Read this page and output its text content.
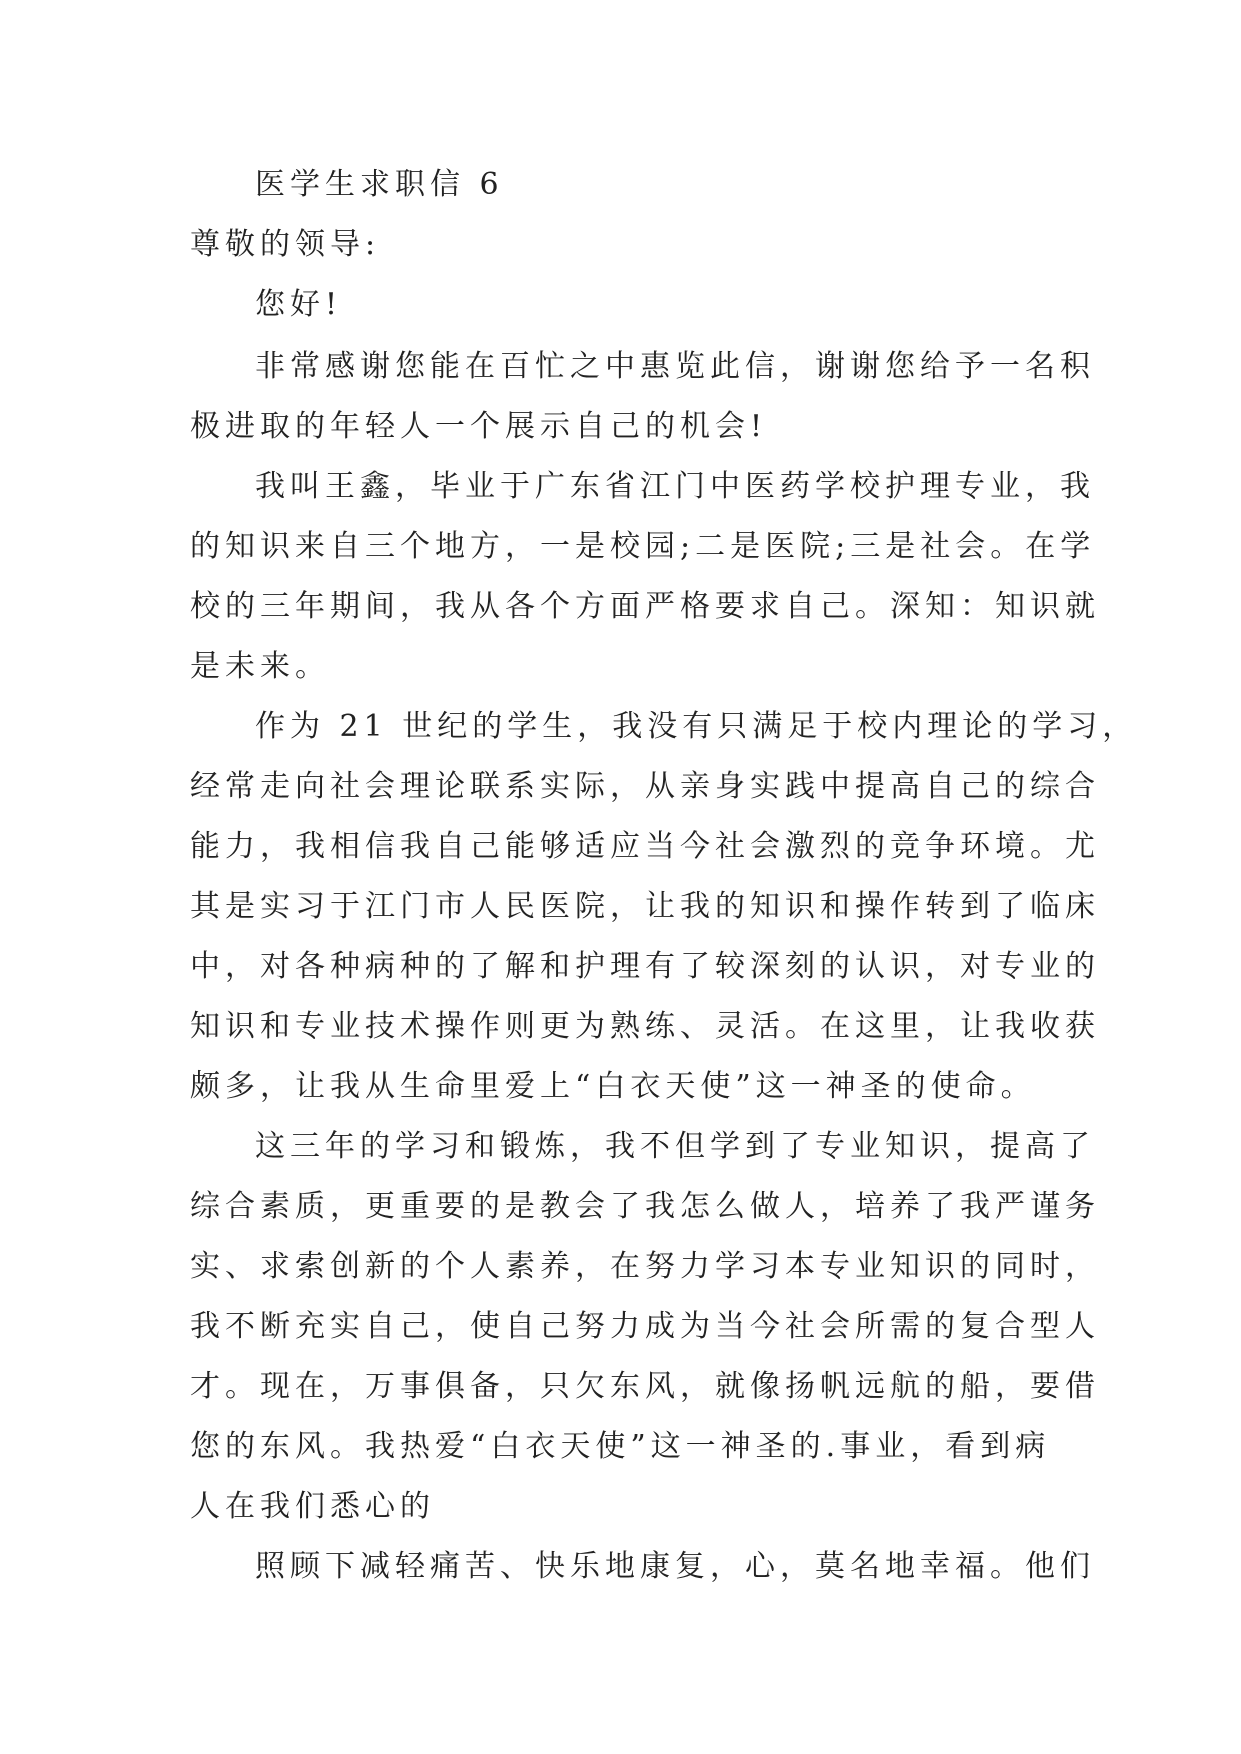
医学生求职信 6
尊敬的领导:
您好!
非常感谢您能在百忙之中惠览此信，谢谢您给予一名积
极进取的年轻人一个展示自己的机会!
我叫王鑫，毕业于广东省江门中医药学校护理专业，我
的知识来自三个地方，一是校园;二是医院;三是社会。在学
校的三年期间，我从各个方面严格要求自己。深知：知识就
是未来。
作为 21 世纪的学生，我没有只满足于校内理论的学习，
经常走向社会理论联系实际，从亲身实践中提高自己的综合
能力，我相信我自己能够适应当今社会激烈的竞争环境。尤
其是实习于江门市人民医院，让我的知识和操作转到了临床
中，对各种病种的了解和护理有了较深刻的认识，对专业的
知识和专业技术操作则更为熟练、灵活。在这里，让我收获
颇多，让我从生命里爱上“白衣天使”这一神圣的使命。
这三年的学习和锻炼，我不但学到了专业知识，提高了
综合素质，更重要的是教会了我怎么做人，培养了我严谨务
实、求索创新的个人素养，在努力学习本专业知识的同时，
我不断充实自己，使自己努力成为当今社会所需的复合型人
才。现在，万事俱备，只欠东风，就像扬帆远航的船，要借
您的东风。我热爱“白衣天使”这一神圣的.事业，看到病
人在我们悉心的
照顾下减轻痛苦、快乐地康复，心，莫名地幸福。他们
